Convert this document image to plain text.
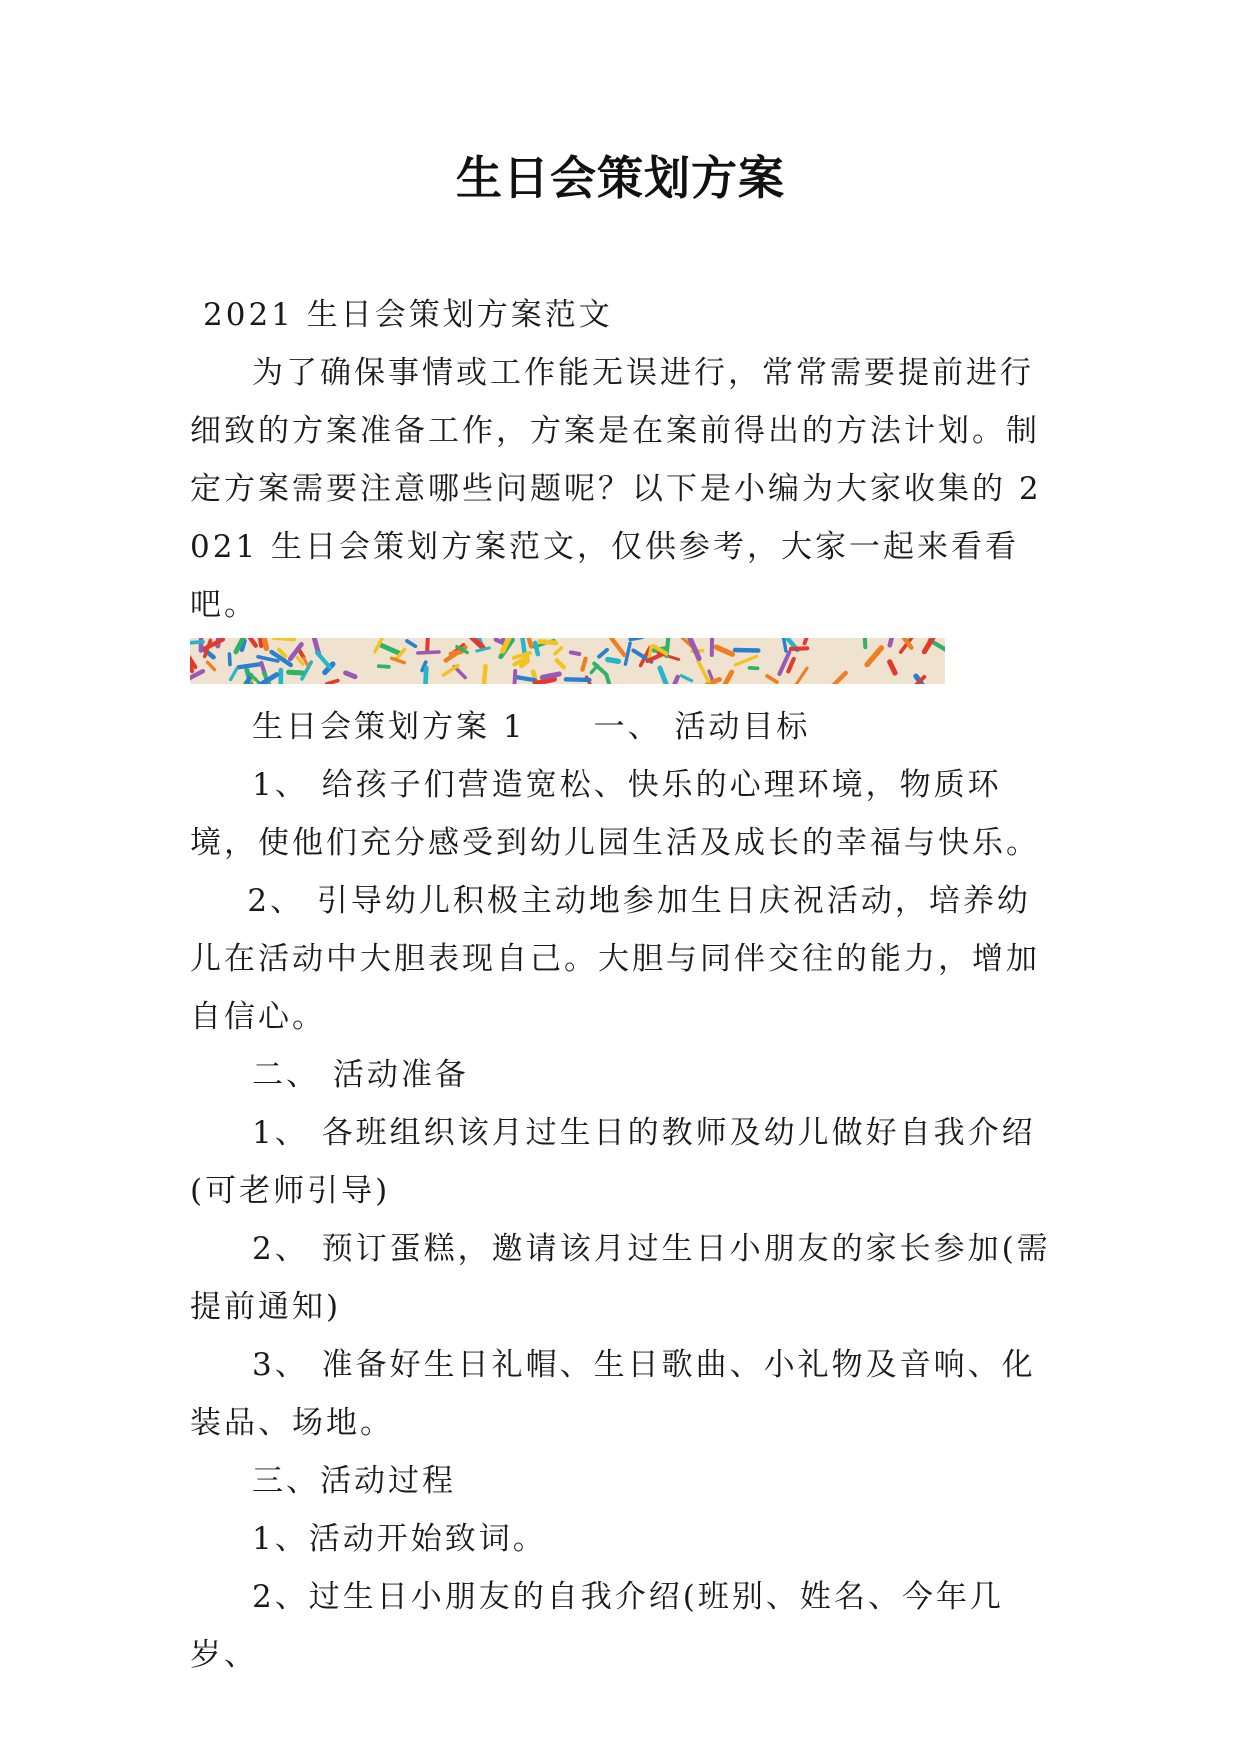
生日会策划方案

2021 生日会策划方案范文

为了确保事情或工作能无误进行，常常需要提前进行细致的方案准备工作，方案是在案前得出的方法计划。制定方案需要注意哪些问题呢？以下是小编为大家收集的 2021 生日会策划方案范文，仅供参考，大家一起来看看吧。

生日会策划方案 1　　一、 活动目标

1、 给孩子们营造宽松、快乐的心理环境，物质环境，使他们充分感受到幼儿园生活及成长的幸福与快乐。

2、 引导幼儿积极主动地参加生日庆祝活动，培养幼儿在活动中大胆表现自己。大胆与同伴交往的能力，增加自信心。

二、 活动准备

1、 各班组织该月过生日的教师及幼儿做好自我介绍(可老师引导)

2、 预订蛋糕，邀请该月过生日小朋友的家长参加(需提前通知)

3、 准备好生日礼帽、生日歌曲、小礼物及音响、化装品、场地。

三、活动过程

1、活动开始致词。

2、过生日小朋友的自我介绍(班别、姓名、今年几岁、
